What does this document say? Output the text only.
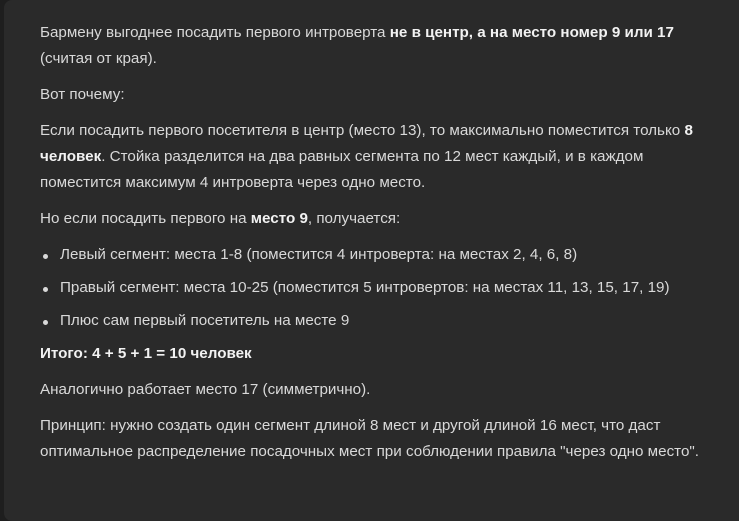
Бармену выгоднее посадить первого интроверта не в центр, а на место номер 9 или 17 (считая от края).

Вот почему:

Если посадить первого посетителя в центр (место 13), то максимально поместится только 8 человек. Стойка разделится на два равных сегмента по 12 мест каждый, и в каждом поместится максимум 4 интроверта через одно место.

Но если посадить первого на место 9, получается:

Левый сегмент: места 1-8 (поместится 4 интроверта: на местах 2, 4, 6, 8)
Правый сегмент: места 10-25 (поместится 5 интровертов: на местах 11, 13, 15, 17, 19)
Плюс сам первый посетитель на месте 9

Итого: 4 + 5 + 1 = 10 человек

Аналогично работает место 17 (симметрично).

Принцип: нужно создать один сегмент длиной 8 мест и другой длиной 16 мест, что даст оптимальное распределение посадочных мест при соблюдении правила "через одно место".
